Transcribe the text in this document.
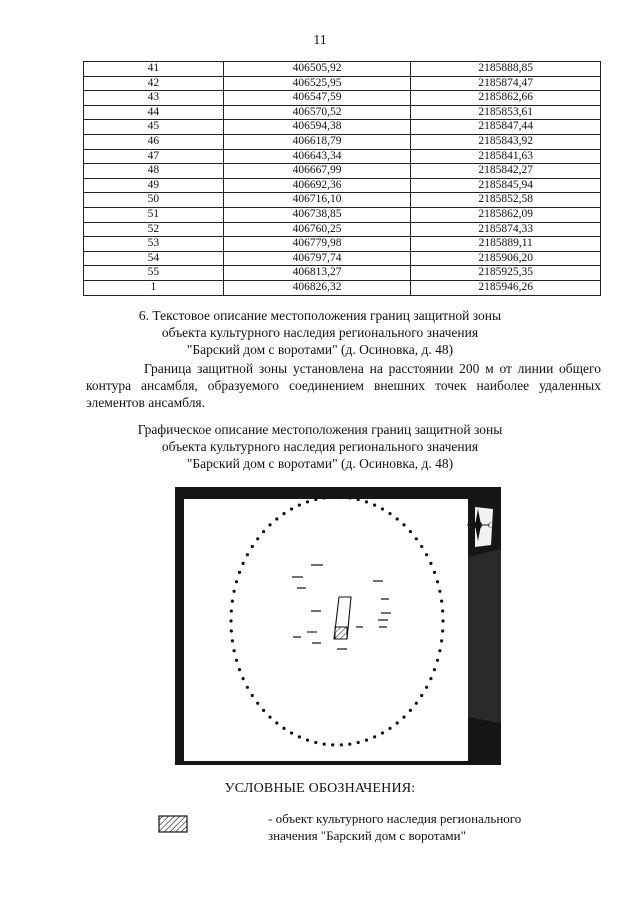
11
41	406505,92	2185888,85
42	406525,95	2185874,47
43	406547,59	2185862,66
44	406570,52	2185853,61
45	406594,38	2185847,44
46	406618,79	2185843,92
47	406643,34	2185841,63
48	406667,99	2185842,27
49	406692,36	2185845,94
50	406716,10	2185852,58
51	406738,85	2185862,09
52	406760,25	2185874,33
53	406779,98	2185889,11
54	406797,74	2185906,20
55	406813,27	2185925,35
1	406826,32	2185946,26
6. Текстовое описание местоположения границ защитной зоны
объекта культурного наследия регионального значения
"Барский дом с воротами" (д. Осиновка, д. 48)
Граница защитной зоны установлена на расстоянии 200 м от линии общего контура ансамбля, образуемого соединением внешних точек наиболее удаленных элементов ансамбля.
Графическое описание местоположения границ защитной зоны
объекта культурного наследия регионального значения
"Барский дом с воротами" (д. Осиновка, д. 48)
С
УСЛОВНЫЕ ОБОЗНАЧЕНИЯ:
- объект культурного наследия регионального
значения "Барский дом с воротами"
